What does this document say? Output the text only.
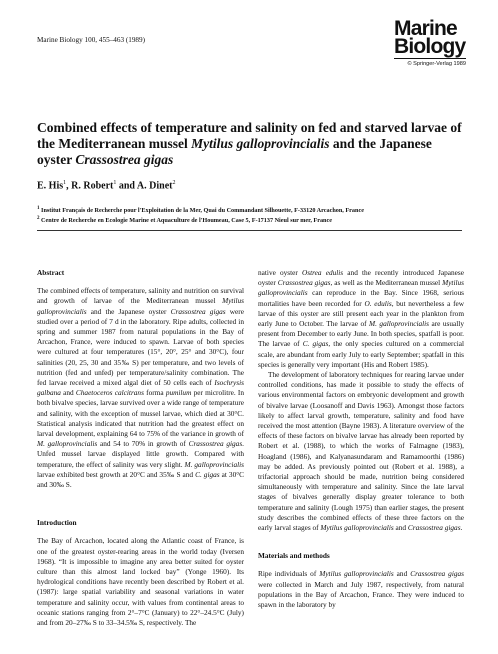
Marine Biology 100, 455–463 (1989)	Marine
Biology
© Springer-Verlag 1989
Combined effects of temperature and salinity on fed and starved larvae of the Mediterranean mussel Mytilus galloprovincialis and the Japanese oyster Crassostrea gigas
E. His$^1$, R. Robert$^1$ and A. Dinet$^2$
$^1$ Institut Français de Recherche pour l'Exploitation de la Mer, Quai du Commandant Silhouette, F-33120 Arcachon, France
$^2$ Centre de Recherche en Ecologie Marine et Aquaculture de l'Houmeau, Case 5, F-17137 Nieul sur mer, France
Abstract

The combined effects of temperature, salinity and nutrition on survival and growth of larvae of the Mediterranean mussel Mytilus galloprovincialis and the Japanese oyster Crassostrea gigas were studied over a period of 7 d in the laboratory. Ripe adults, collected in spring and summer 1987 from natural populations in the Bay of Arcachon, France, were induced to spawn. Larvae of both species were cultured at four temperatures (15°, 20°, 25° and 30°C), four salinities (20, 25, 30 and 35‰ S) per temperature, and two levels of nutrition (fed and unfed) per temperature/salinity combination. The fed larvae received a mixed algal diet of 50 cells each of Isochrysis galbana and Chaetoceros calcitrans forma pumilum per microlitre. In both bivalve species, larvae survived over a wide range of temperature and salinity, with the exception of mussel larvae, which died at 30°C. Statistical analysis indicated that nutrition had the greatest effect on larval development, explaining 64 to 75% of the variance in growth of M. galloprovincialis and 54 to 70% in growth of Crassostrea gigas. Unfed mussel larvae displayed little growth. Compared with temperature, the effect of salinity was very slight. M. galloprovincialis larvae exhibited best growth at 20°C and 35‰ S and C. gigas at 30°C and 30‰ S.

Introduction

The Bay of Arcachon, located along the Atlantic coast of France, is one of the greatest oyster-rearing areas in the world today (Iversen 1968). “It is impossible to imagine any area better suited for oyster culture than this almost land locked bay” (Yonge 1960). Its hydrological conditions have recently been described by Robert et al. (1987): large spatial variability and seasonal variations in water temperature and salinity occur, with values from continental areas to oceanic stations ranging from 2°–7°C (January) to 22°–24.5°C (July) and from 20–27‰ S to 33–34.5‰ S, respectively. The

native oyster Ostrea edulis and the recently introduced Japanese oyster Crassostrea gigas, as well as the Mediterranean mussel Mytilus galloprovincialis can reproduce in the Bay. Since 1968, serious mortalities have been recorded for O. edulis, but nevertheless a few larvae of this oyster are still present each year in the plankton from early June to October. The larvae of M. galloprovincialis are usually present from December to early June. In both species, spatfall is poor. The larvae of C. gigas, the only species cultured on a commercial scale, are abundant from early July to early September; spatfall in this species is generally very important (His and Robert 1985).

The development of laboratory techniques for rearing larvae under controlled conditions, has made it possible to study the effects of various environmental factors on embryonic development and growth of bivalve larvae (Loosanoff and Davis 1963). Amongst those factors likely to affect larval growth, temperature, salinity and food have received the most attention (Bayne 1983). A literature overview of the effects of these factors on bivalve larvae has already been reported by Robert et al. (1988), to which the works of Falmagne (1983), Hoagland (1986), and Kalyanasundaram and Ramamoorthi (1986) may be added. As previously pointed out (Robert et al. 1988), a trifactorial approach should be made, nutrition being considered simultaneously with temperature and salinity. Since the late larval stages of bivalves generally display greater tolerance to both temperature and salinity (Lough 1975) than earlier stages, the present study describes the combined effects of these three factors on the early larval stages of Mytilus galloprovincialis and Crassostrea gigas.

Materials and methods

Ripe individuals of Mytilus galloprovincialis and Crassostrea gigas were collected in March and July 1987, respectively, from natural populations in the Bay of Arcachon, France. They were induced to spawn in the laboratory by
